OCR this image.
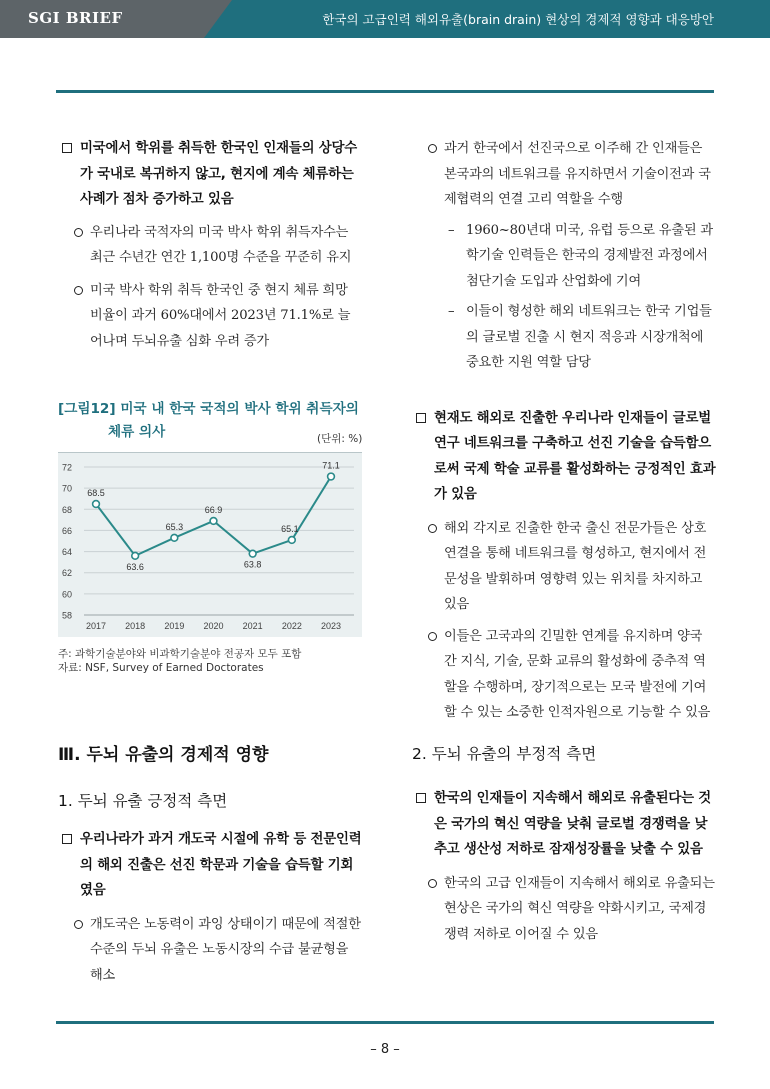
SGI BRIEF	한국의 고급인력 해외유출(brain drain) 현상의 경제적 영향과 대응방안
미국에서 학위를 취득한 한국인 인재들의 상당수가 국내로 복귀하지 않고, 현지에 계속 체류하는 사례가 점차 증가하고 있음
우리나라 국적자의 미국 박사 학위 취득자수는 최근 수년간 연간 1,100명 수준을 꾸준히 유지
미국 박사 학위 취득 한국인 중 현지 체류 희망 비율이 과거 60%대에서 2023년 71.1%로 늘어나며 두뇌유출 심화 우려 증가
[그림12] 미국 내 한국 국적의 박사 학위 취득자의
체류 의사	(단위: %)
58
60
62
64
66
68
70
72
2017 2018 2019 2020 2021 2022 2023
68.5
63.6
65.3
66.9
63.8
65.1
71.1
주: 과학기술분야와 비과학기술분야 전공자 모두 포함
자료: NSF, Survey of Earned Doctorates
Ⅲ. 두뇌 유출의 경제적 영향
1. 두뇌 유출 긍정적 측면
우리나라가 과거 개도국 시절에 유학 등 전문인력의 해외 진출은 선진 학문과 기술을 습득할 기회였음
개도국은 노동력이 과잉 상태이기 때문에 적절한 수준의 두뇌 유출은 노동시장의 수급 불균형을 해소
과거 한국에서 선진국으로 이주해 간 인재들은 본국과의 네트워크를 유지하면서 기술이전과 국제협력의 연결 고리 역할을 수행
– 1960~80년대 미국, 유럽 등으로 유출된 과학기술 인력들은 한국의 경제발전 과정에서 첨단기술 도입과 산업화에 기여
– 이들이 형성한 해외 네트워크는 한국 기업들의 글로벌 진출 시 현지 적응과 시장개척에 중요한 지원 역할 담당
현재도 해외로 진출한 우리나라 인재들이 글로벌 연구 네트워크를 구축하고 선진 기술을 습득함으로써 국제 학술 교류를 활성화하는 긍정적인 효과가 있음
해외 각지로 진출한 한국 출신 전문가들은 상호 연결을 통해 네트워크를 형성하고, 현지에서 전문성을 발휘하며 영향력 있는 위치를 차지하고 있음
이들은 고국과의 긴밀한 연계를 유지하며 양국 간 지식, 기술, 문화 교류의 활성화에 중추적 역할을 수행하며, 장기적으로는 모국 발전에 기여할 수 있는 소중한 인적자원으로 기능할 수 있음
2. 두뇌 유출의 부정적 측면
한국의 인재들이 지속해서 해외로 유출된다는 것은 국가의 혁신 역량을 낮춰 글로벌 경쟁력을 낮추고 생산성 저하로 잠재성장률을 낮출 수 있음
한국의 고급 인재들이 지속해서 해외로 유출되는 현상은 국가의 혁신 역량을 약화시키고, 국제경쟁력 저하로 이어질 수 있음
– 8 –
